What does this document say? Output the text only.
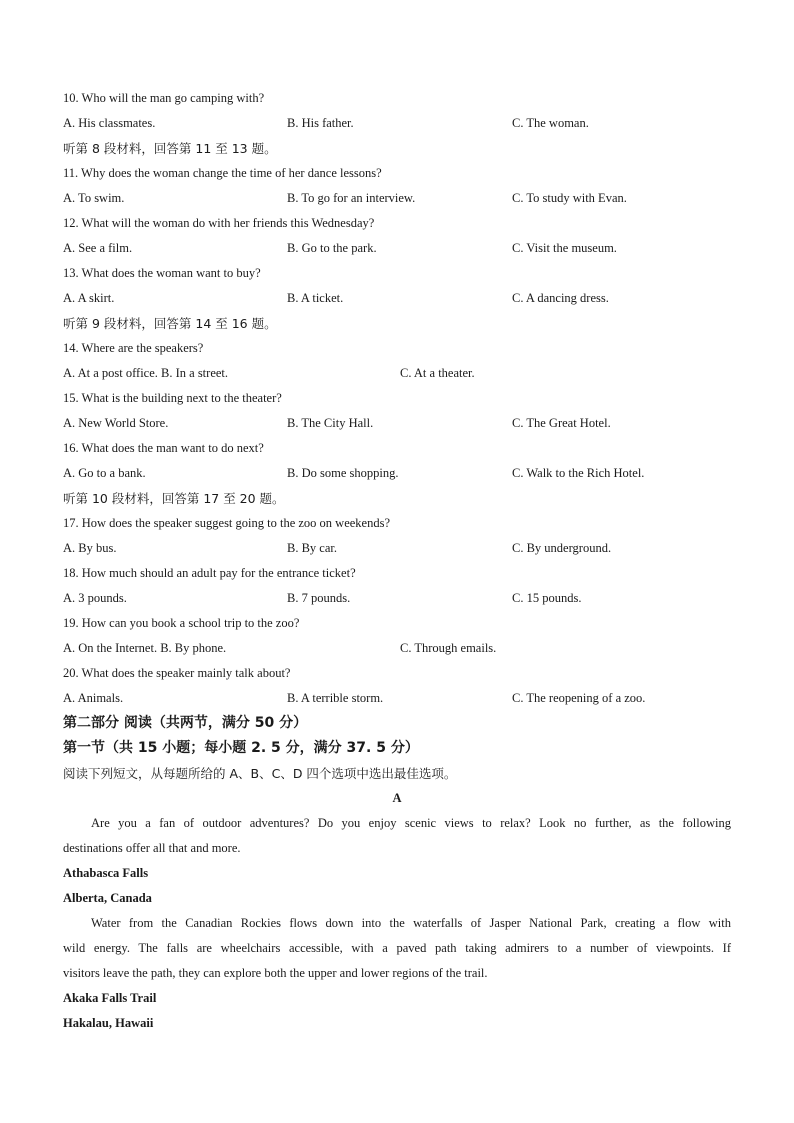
10. Who will the man go camping with?
A. His classmates.	B. His father.	C. The woman.
听第 8 段材料，回答第 11 至 13 题。
11. Why does the woman change the time of her dance lessons?
A. To swim.	B. To go for an interview.	C. To study with Evan.
12. What will the woman do with her friends this Wednesday?
A. See a film.	B. Go to the park.	C. Visit the museum.
13. What does the woman want to buy?
A. A skirt.	B. A ticket.	C. A dancing dress.
听第 9 段材料，回答第 14 至 16 题。
14. Where are the speakers?
A. At a post office. B. In a street.	C. At a theater.
15. What is the building next to the theater?
A. New World Store.	B. The City Hall.	C. The Great Hotel.
16. What does the man want to do next?
A. Go to a bank.	B. Do some shopping.	C. Walk to the Rich Hotel.
听第 10 段材料，回答第 17 至 20 题。
17. How does the speaker suggest going to the zoo on weekends?
A. By bus.	B. By car.	C. By underground.
18. How much should an adult pay for the entrance ticket?
A. 3 pounds.	B. 7 pounds.	C. 15 pounds.
19. How can you book a school trip to the zoo?
A. On the Internet. B. By phone.	C. Through emails.
20. What does the speaker mainly talk about?
A. Animals.	B. A terrible storm.	C. The reopening of a zoo.
第二部分 阅读（共两节，满分 50 分）
第一节（共 15 小题；每小题 2. 5 分，满分 37. 5 分）
阅读下列短文，从每题所给的 A、B、C、D 四个选项中选出最佳选项。
A
Are you a fan of outdoor adventures? Do you enjoy scenic views to relax? Look no further, as the following
destinations offer all that and more.
Athabasca Falls
Alberta, Canada
Water from the Canadian Rockies flows down into the waterfalls of Jasper National Park, creating a flow with
wild energy. The falls are wheelchairs accessible, with a paved path taking admirers to a number of viewpoints. If
visitors leave the path, they can explore both the upper and lower regions of the trail.
Akaka Falls Trail
Hakalau, Hawaii
